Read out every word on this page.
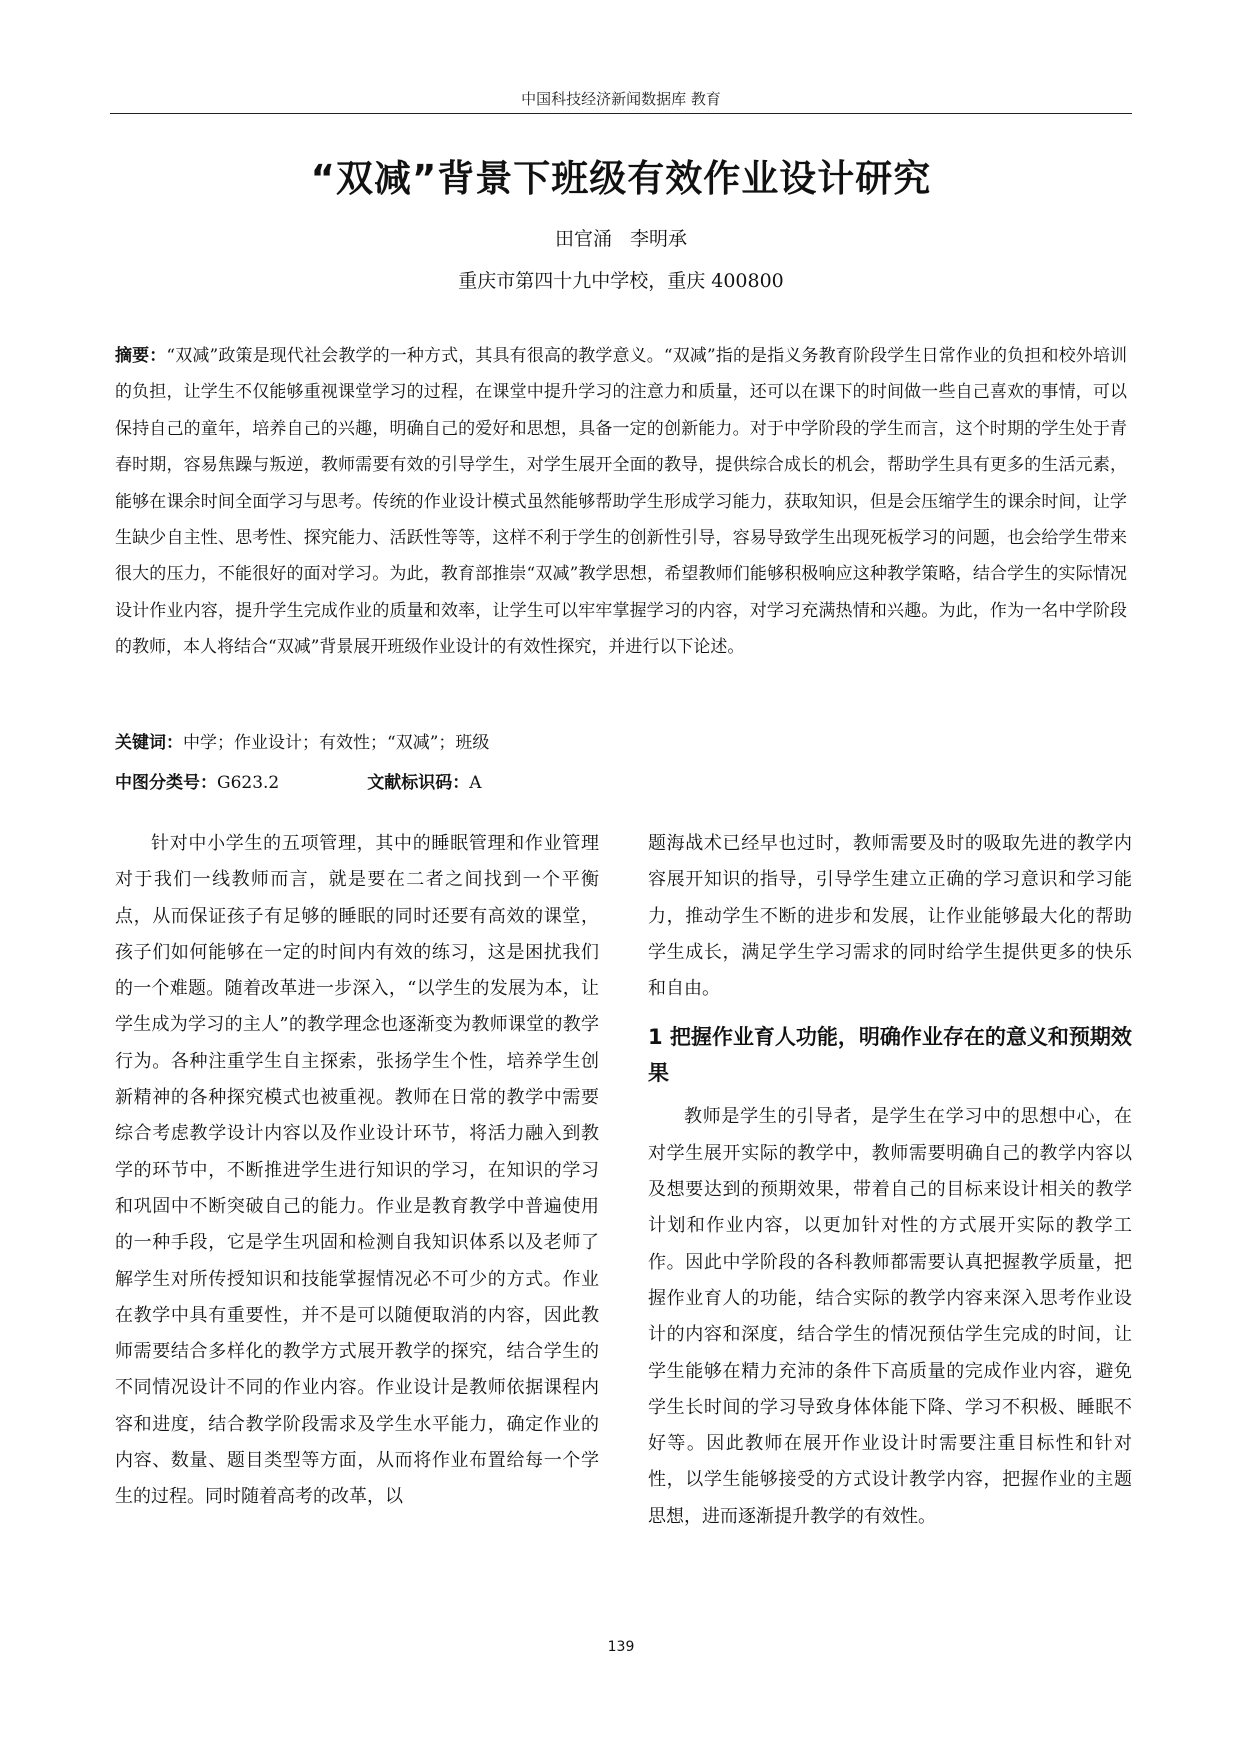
中国科技经济新闻数据库 教育
“双减”背景下班级有效作业设计研究
田官涌   李明承
重庆市第四十九中学校，重庆 400800

摘要：“双减”政策是现代社会教学的一种方式，其具有很高的教学意义。“双减”指的是指义务教育阶段学生日常作业的负担和校外培训的负担，让学生不仅能够重视课堂学习的过程，在课堂中提升学习的注意力和质量，还可以在课下的时间做一些自己喜欢的事情，可以保持自己的童年，培养自己的兴趣，明确自己的爱好和思想，具备一定的创新能力。对于中学阶段的学生而言，这个时期的学生处于青春时期，容易焦躁与叛逆，教师需要有效的引导学生，对学生展开全面的教导，提供综合成长的机会，帮助学生具有更多的生活元素，能够在课余时间全面学习与思考。传统的作业设计模式虽然能够帮助学生形成学习能力，获取知识，但是会压缩学生的课余时间，让学生缺少自主性、思考性、探究能力、活跃性等等，这样不利于学生的创新性引导，容易导致学生出现死板学习的问题，也会给学生带来很大的压力，不能很好的面对学习。为此，教育部推崇“双减”教学思想，希望教师们能够积极响应这种教学策略，结合学生的实际情况设计作业内容，提升学生完成作业的质量和效率，让学生可以牢牢掌握学习的内容，对学习充满热情和兴趣。为此，作为一名中学阶段的教师，本人将结合“双减”背景展开班级作业设计的有效性探究，并进行以下论述。

关键词：中学；作业设计；有效性；“双减”；班级

中图分类号：G623.2	文献标识码：A

针对中小学生的五项管理，其中的睡眠管理和作业管理对于我们一线教师而言，就是要在二者之间找到一个平衡点，从而保证孩子有足够的睡眠的同时还要有高效的课堂，孩子们如何能够在一定的时间内有效的练习，这是困扰我们的一个难题。随着改革进一步深入，“以学生的发展为本，让学生成为学习的主人”的教学理念也逐渐变为教师课堂的教学行为。各种注重学生自主探索，张扬学生个性，培养学生创新精神的各种探究模式也被重视。教师在日常的教学中需要综合考虑教学设计内容以及作业设计环节，将活力融入到教学的环节中，不断推进学生进行知识的学习，在知识的学习和巩固中不断突破自己的能力。作业是教育教学中普遍使用的一种手段，它是学生巩固和检测自我知识体系以及老师了解学生对所传授知识和技能掌握情况必不可少的方式。作业在教学中具有重要性，并不是可以随便取消的内容，因此教师需要结合多样化的教学方式展开教学的探究，结合学生的不同情况设计不同的作业内容。作业设计是教师依据课程内容和进度，结合教学阶段需求及学生水平能力，确定作业的内容、数量、题目类型等方面，从而将作业布置给每一个学生的过程。同时随着高考的改革，以

题海战术已经早也过时，教师需要及时的吸取先进的教学内容展开知识的指导，引导学生建立正确的学习意识和学习能力，推动学生不断的进步和发展，让作业能够最大化的帮助学生成长，满足学生学习需求的同时给学生提供更多的快乐和自由。

1 把握作业育人功能，明确作业存在的意义和预期效果

教师是学生的引导者，是学生在学习中的思想中心，在对学生展开实际的教学中，教师需要明确自己的教学内容以及想要达到的预期效果，带着自己的目标来设计相关的教学计划和作业内容，以更加针对性的方式展开实际的教学工作。因此中学阶段的各科教师都需要认真把握教学质量，把握作业育人的功能，结合实际的教学内容来深入思考作业设计的内容和深度，结合学生的情况预估学生完成的时间，让学生能够在精力充沛的条件下高质量的完成作业内容，避免学生长时间的学习导致身体体能下降、学习不积极、睡眠不好等。因此教师在展开作业设计时需要注重目标性和针对性，以学生能够接受的方式设计教学内容，把握作业的主题思想，进而逐渐提升教学的有效性。

139
